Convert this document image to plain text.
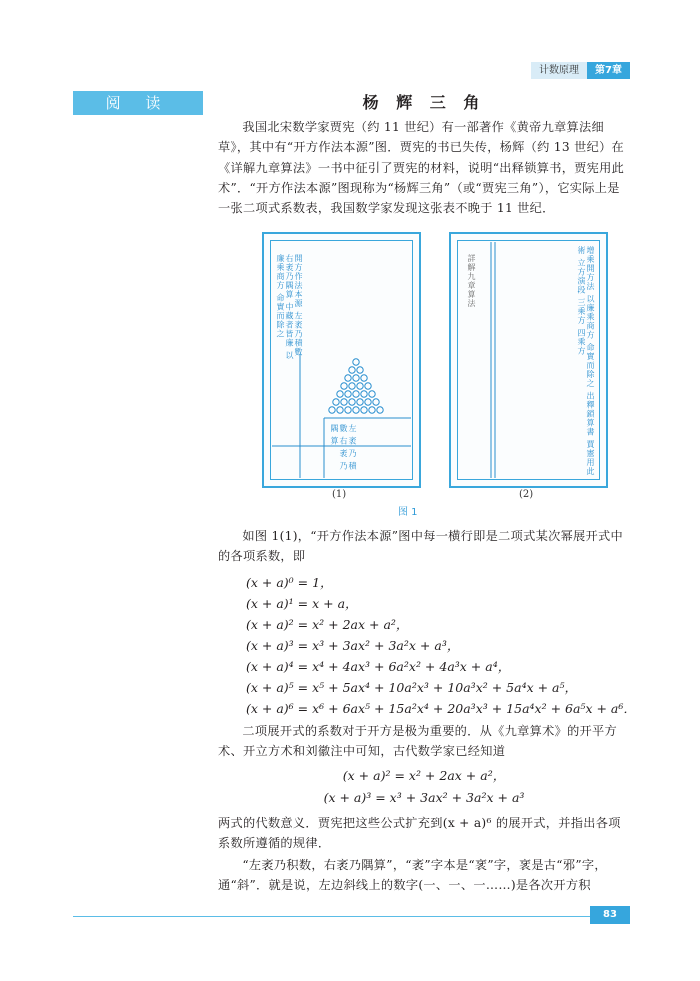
计数原理	第7章
阅 读	杨 辉 三 角

我国北宋数学家贾宪（约 11 世纪）有一部著作《黄帝九章算法细草》，其中有“开方作法本源”图．贾宪的书已失传，杨辉（约 13 世纪）在《详解九章算法》一书中征引了贾宪的材料，说明“出释锁算书，贾宪用此术”．“开方作法本源”图现称为“杨辉三角”（或“贾宪三角”），它实际上是一张二项式系数表，我国数学家发现这张表不晚于 11 世纪．

開方作法本源 左袤乃積數 右袤乃隅算 中藏者皆廉 以廉乘商方 命實而除之
左 袤 乃 積 數 右 袤 乃 隅 算	增乘開方法 以廉乘商方 命實而除之 出釋鎖算書 賈憲用此術 立方演段 三乘方 四乘方
詳解九章算法
(1)	(2)
图 1

如图 1(1)，“开方作法本源”图中每一横行即是二项式某次幂展开式中的各项系数，即

(x + a)⁰ = 1，
(x + a)¹ = x + a，
(x + a)² = x² + 2ax + a²，
(x + a)³ = x³ + 3ax² + 3a²x + a³，
(x + a)⁴ = x⁴ + 4ax³ + 6a²x² + 4a³x + a⁴，
(x + a)⁵ = x⁵ + 5ax⁴ + 10a²x³ + 10a³x² + 5a⁴x + a⁵，
(x + a)⁶ = x⁶ + 6ax⁵ + 15a²x⁴ + 20a³x³ + 15a⁴x² + 6a⁵x + a⁶．

二项展开式的系数对于开方是极为重要的．从《九章算术》的开平方术、开立方术和刘徽注中可知，古代数学家已经知道

(x + a)² = x² + 2ax + a²，
(x + a)³ = x³ + 3ax² + 3a²x + a³

两式的代数意义．贾宪把这些公式扩充到(x + a)⁶ 的展开式，并指出各项系数所遵循的规律．

“左袤乃积数，右袤乃隅算”，“袤”字本是“衺”字，衺是古“邪”字，通“斜”．就是说，左边斜线上的数字(一、一、一……)是各次开方积

83
